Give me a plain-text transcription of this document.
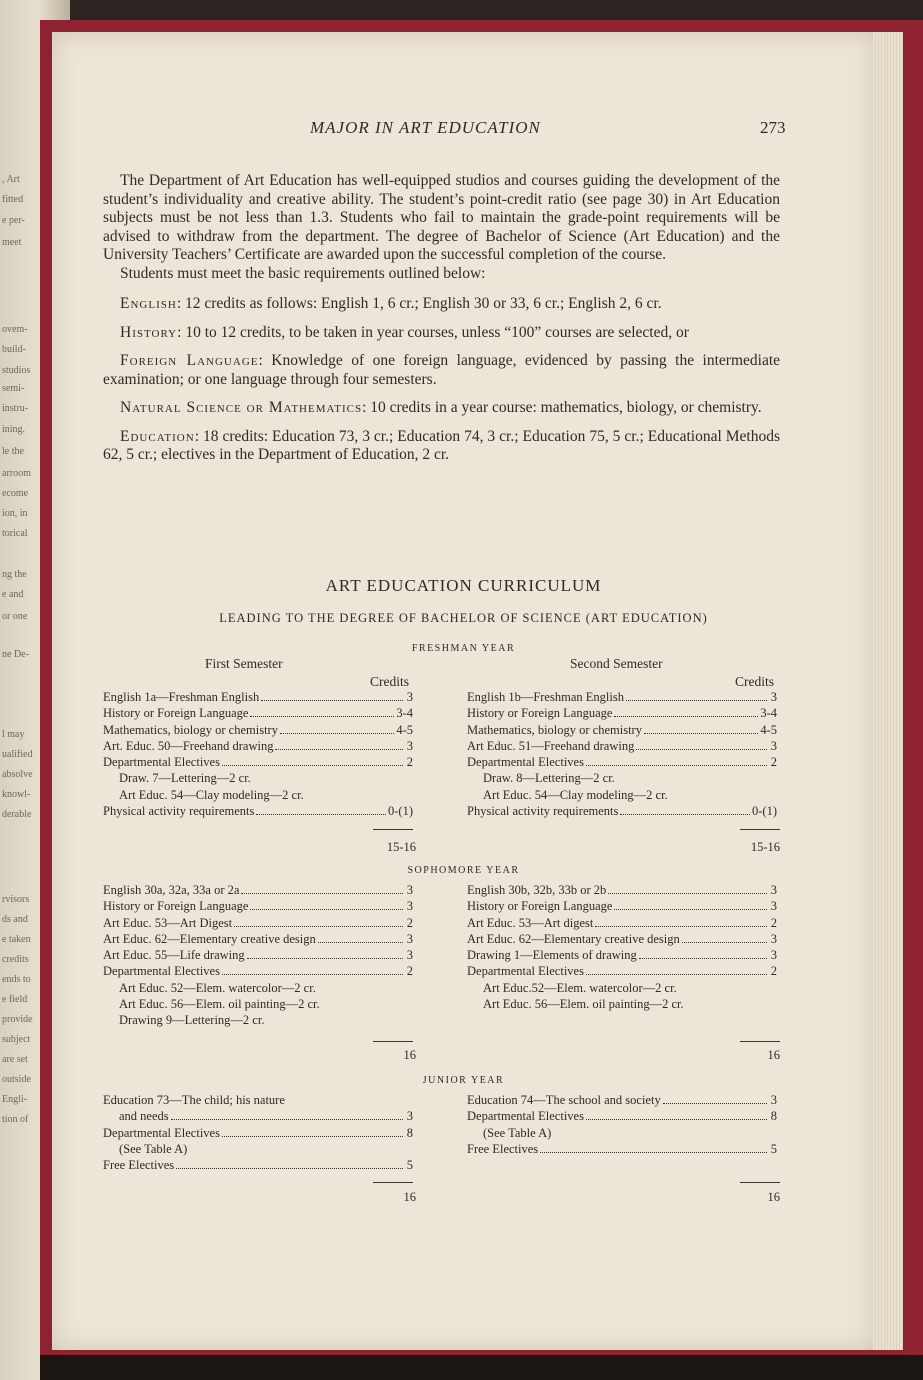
, Art
fitted
e per-
meet
ovem-
build-
studios
semi-
instru-
ining.
le the
arroom
ecome
ion, in
torical
ng the
e and
or one
ne De-
l may
ualified
absolve
knowl-
derable
rvisors
ds and
e taken
credits
ends to
e field
provide
subject
are set
outside
Engli-
tion of
MAJOR IN ART EDUCATION	273

The Department of Art Education has well-equipped studios and courses guiding the development of the student’s individuality and creative ability. The student’s point-credit ratio (see page 30) in Art Education subjects must be not less than 1.3. Students who fail to maintain the grade-point requirements will be advised to withdraw from the department. The degree of Bachelor of Science (Art Education) and the University Teachers’ Certificate are awarded upon the successful completion of the course.

Students must meet the basic requirements outlined below:

English: 12 credits as follows: English 1, 6 cr.; English 30 or 33, 6 cr.; English 2, 6 cr.

History: 10 to 12 credits, to be taken in year courses, unless “100” courses are selected, or

Foreign Language: Knowledge of one foreign language, evidenced by passing the intermediate examination; or one language through four semesters.

Natural Science or Mathematics: 10 credits in a year course: mathematics, biology, or chemistry.

Education: 18 credits: Education 73, 3 cr.; Education 74, 3 cr.; Education 75, 5 cr.; Educational Methods 62, 5 cr.; electives in the Department of Education, 2 cr.

ART EDUCATION CURRICULUM
LEADING TO THE DEGREE OF BACHELOR OF SCIENCE (ART EDUCATION)
FRESHMAN YEAR
First Semester	Second Semester
Credits	Credits
English 1a—Freshman English	3
History or Foreign Language	3-4
Mathematics, biology or chemistry	4-5
Art. Educ. 50—Freehand drawing	3
Departmental Electives	2
Draw. 7—Lettering—2 cr.
Art Educ. 54—Clay modeling—2 cr.
Physical activity requirements	0-(1)
English 1b—Freshman English	3
History or Foreign Language	3-4
Mathematics, biology or chemistry	4-5
Art Educ. 51—Freehand drawing	3
Departmental Electives	2
Draw. 8—Lettering—2 cr.
Art Educ. 54—Clay modeling—2 cr.
Physical activity requirements	0-(1)
15-16	15-16
SOPHOMORE YEAR
English 30a, 32a, 33a or 2a	3
History or Foreign Language	3
Art Educ. 53—Art Digest	2
Art Educ. 62—Elementary creative design	3
Art Educ. 55—Life drawing	3
Departmental Electives	2
Art Educ. 52—Elem. watercolor—2 cr.
Art Educ. 56—Elem. oil painting—2 cr.
Drawing 9—Lettering—2 cr.
English 30b, 32b, 33b or 2b	3
History or Foreign Language	3
Art Educ. 53—Art digest	2
Art Educ. 62—Elementary creative design	3
Drawing 1—Elements of drawing	3
Departmental Electives	2
Art Educ.52—Elem. watercolor—2 cr.
Art Educ. 56—Elem. oil painting—2 cr.
16	16
JUNIOR YEAR
Education 73—The child; his nature
and needs	3
Departmental Electives	8
(See Table A)
Free Electives	5
Education 74—The school and society	3
Departmental Electives	8
(See Table A)
Free Electives	5
16	16
